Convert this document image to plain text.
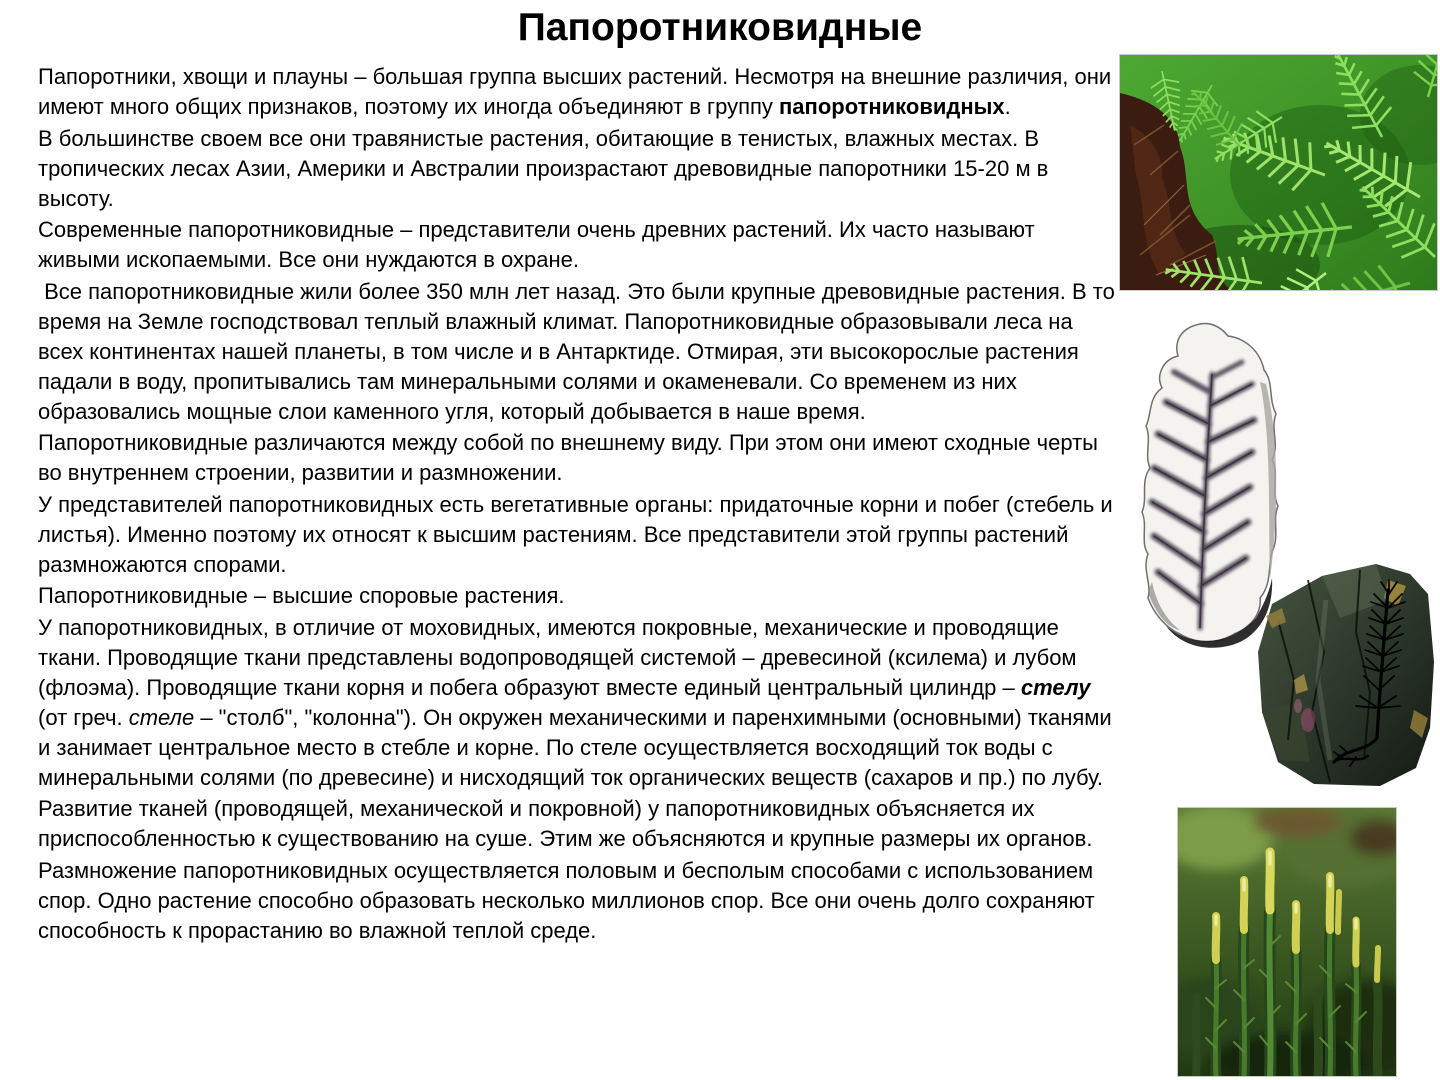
Папоротниковидные

Папоротники, хвощи и плауны – большая группа высших растений. Несмотря на внешние различия, они имеют много общих признаков, поэтому их иногда объединяют в группу папоротниковидных.

В большинстве своем все они травянистые растения, обитающие в тенистых, влажных местах. В тропических лесах Азии, Америки и Австралии произрастают древовидные папоротники 15-20 м в высоту.

Современные папоротниковидные – представители очень древних растений. Их часто называют живыми ископаемыми. Все они нуждаются в охране.

Все папоротниковидные жили более 350 млн лет назад. Это были крупные древовидные растения. В то время на Земле господствовал теплый влажный климат. Папоротниковидные образовывали леса на всех континентах нашей планеты, в том числе и в Антарктиде. Отмирая, эти высокорослые растения падали в воду, пропитывались там минеральными солями и окаменевали. Со временем из них образовались мощные слои каменного угля, который добывается в наше время.

Папоротниковидные различаются между собой по внешнему виду. При этом они имеют сходные черты во внутреннем строении, развитии и размножении.

У представителей папоротниковидных есть вегетативные органы: придаточные корни и побег (стебель и листья). Именно поэтому их относят к высшим растениям. Все представители этой группы растений размножаются спорами.

Папоротниковидные – высшие споровые растения.

У папоротниковидных, в отличие от моховидных, имеются покровные, механические и проводящие ткани. Проводящие ткани представлены водопроводящей системой – древесиной (ксилема) и лубом (флоэма). Проводящие ткани корня и побега образуют вместе единый центральный цилиндр – стелу (от греч. стеле – "столб", "колонна"). Он окружен механическими и паренхимными (основными) тканями и занимает центральное место в стебле и корне. По стеле осуществляется восходящий ток воды с минеральными солями (по древесине) и нисходящий ток органических веществ (сахаров и пр.) по лубу.

Развитие тканей (проводящей, механической и покровной) у папоротниковидных объясняется их приспособленностью к существованию на суше. Этим же объясняются и крупные размеры их органов.

Размножение папоротниковидных осуществляется половым и бесполым способами с использованием спор. Одно растение способно образовать несколько миллионов спор. Все они очень долго сохраняют способность к прорастанию во влажной теплой среде.
